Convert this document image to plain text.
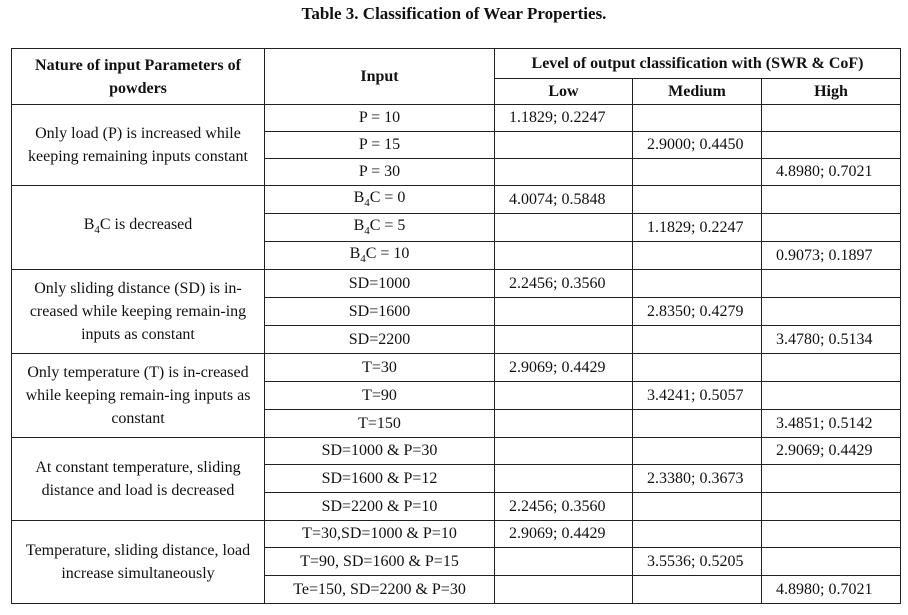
Table 3. Classification of Wear Properties.
Nature of input Parameters of powders	Input	Level of output classification with (SWR & CoF)		
		Low	Medium	High
Only load (P) is increased while keeping remaining inputs constant	P = 10	1.1829; 0.2247		
	P = 15		2.9000; 0.4450	
	P = 30			4.8980; 0.7021
$B_4C$ is decreased	$B_4C = 0$	4.0074; 0.5848		
	$B_4C = 5$		1.1829; 0.2247	
	$B_4C = 10$			0.9073; 0.1897
Only sliding distance (SD) is in-creased while keeping remain-ing inputs as constant	SD=1000	2.2456; 0.3560		
	SD=1600		2.8350; 0.4279	
	SD=2200			3.4780; 0.5134
Only temperature (T) is in-creased while keeping remain-ing inputs as constant	T=30	2.9069; 0.4429		
	T=90		3.4241; 0.5057	
	T=150			3.4851; 0.5142
At constant temperature, sliding distance and load is decreased	SD=1000 & P=30			2.9069; 0.4429
	SD=1600 & P=12		2.3380; 0.3673	
	SD=2200 & P=10	2.2456; 0.3560		
Temperature, sliding distance, load increase simultaneously	T=30,SD=1000 & P=10	2.9069; 0.4429		
	T=90, SD=1600 & P=15		3.5536; 0.5205	
	Te=150, SD=2200 & P=30			4.8980; 0.7021
